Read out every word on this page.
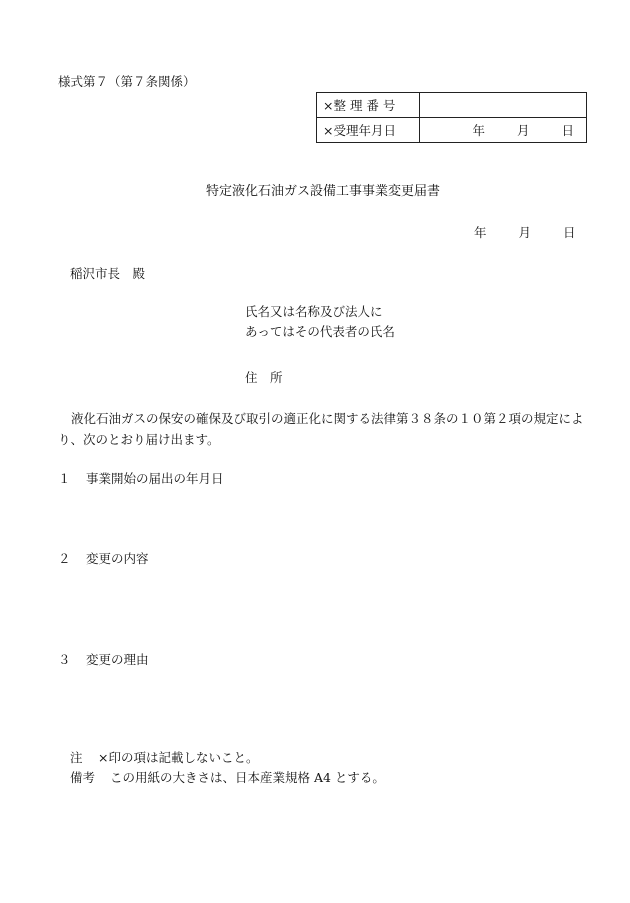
様式第７（第７条関係）
×整 理 番 号	
×受理年月日	年 月 日
特定液化石油ガス設備工事事業変更届書
年	月	日
稲沢市長　殿
氏名又は名称及び法人に
あってはその代表者の氏名
住　所
液化石油ガスの保安の確保及び取引の適正化に関する法律第３８条の１０第２項の規定により、次のとおり届け出ます。
１ 事業開始の届出の年月日
２ 変更の内容
３ 変更の理由
注 ×印の項は記載しないこと。
備考 この用紙の大きさは、日本産業規格 A4 とする。
